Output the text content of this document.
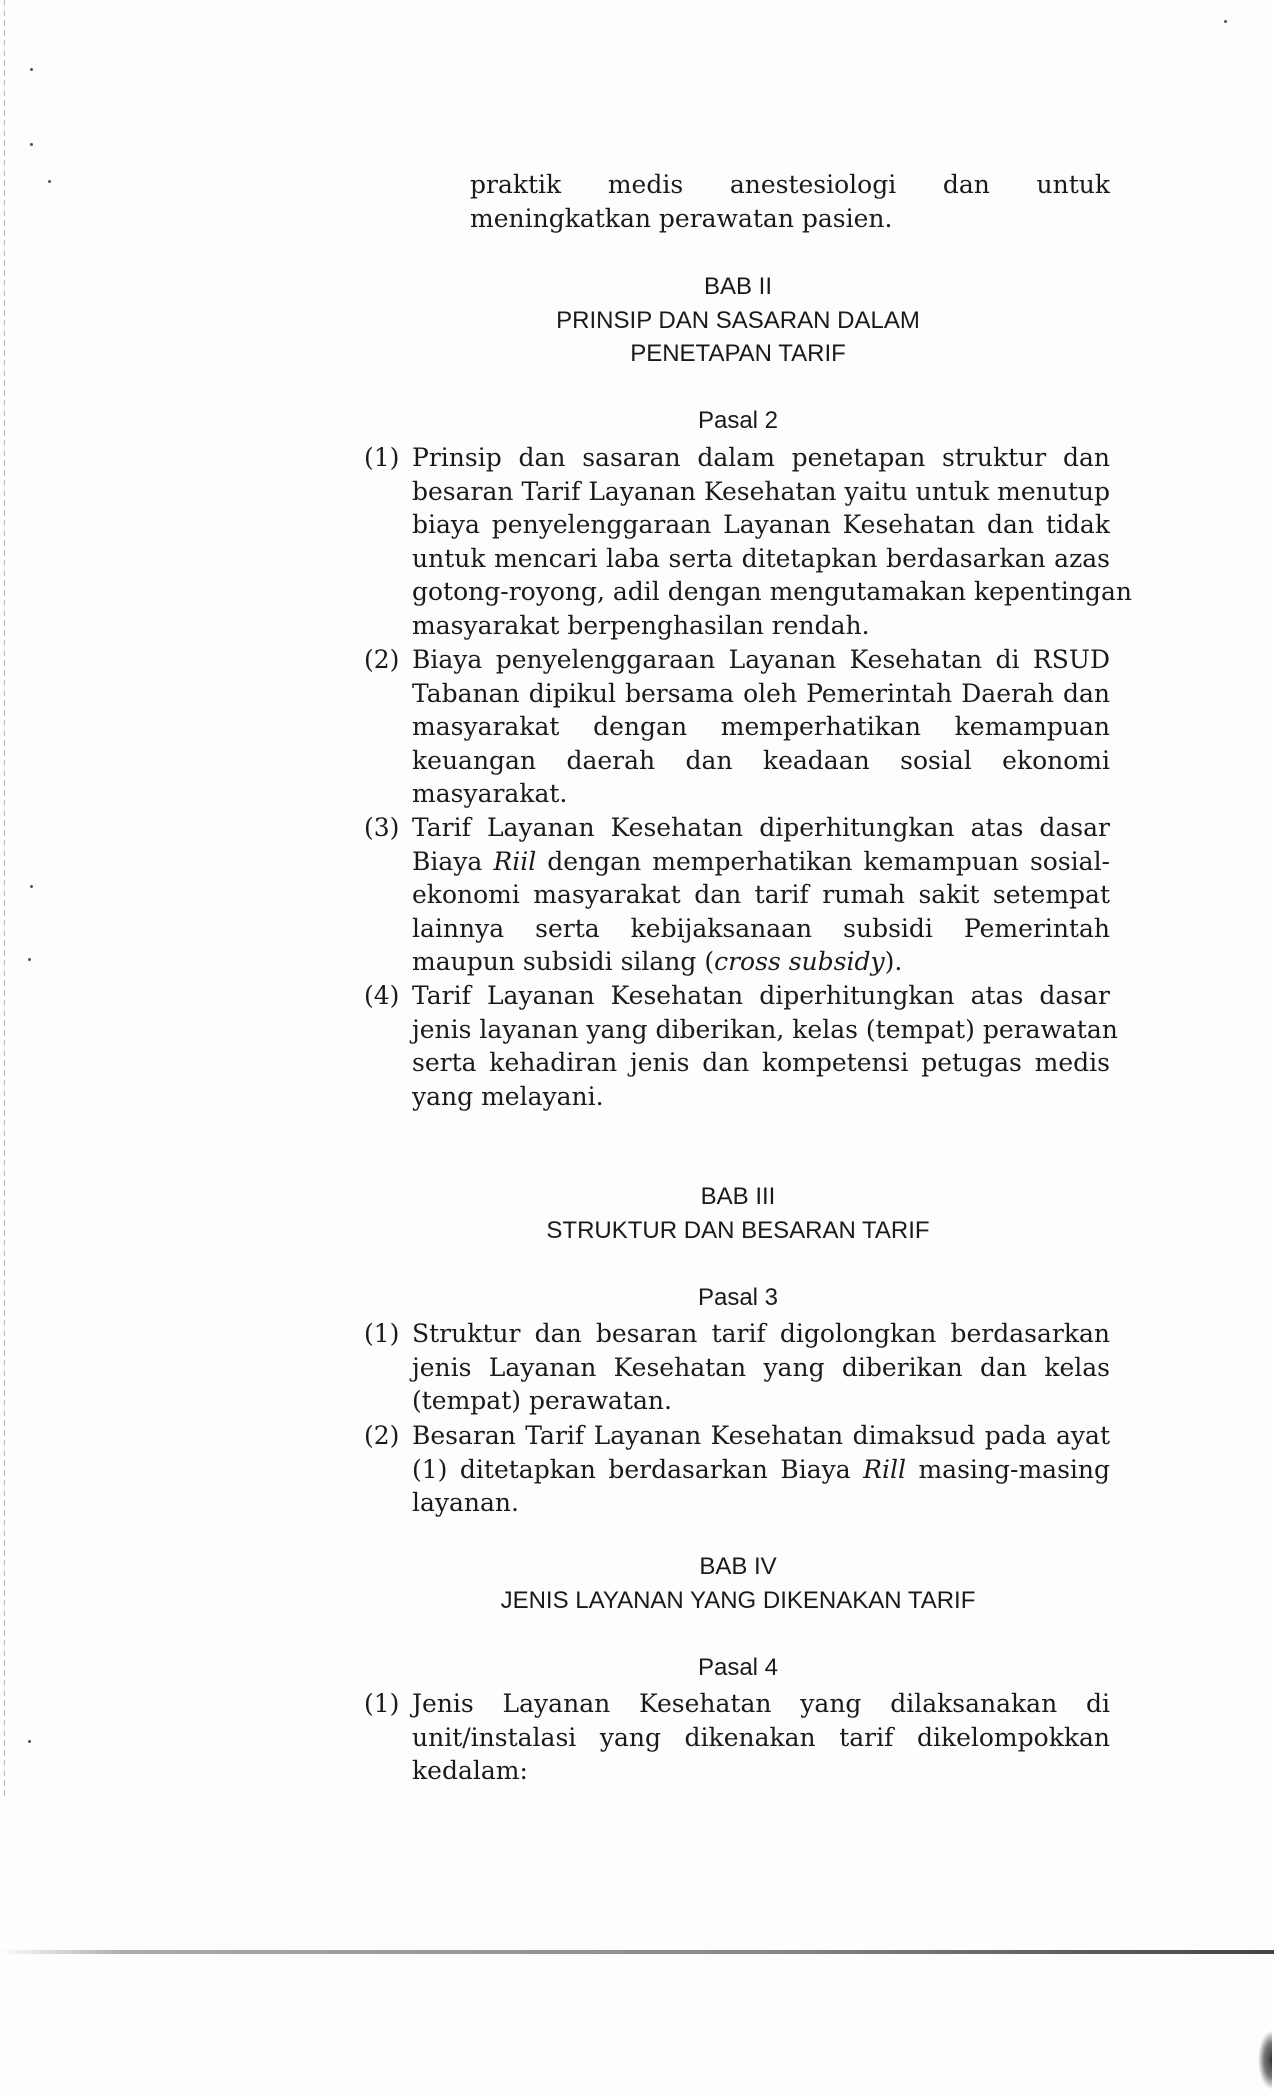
praktik medis anestesiologi dan untuk
meningkatkan perawatan pasien.
BAB II
PRINSIP DAN SASARAN DALAM
PENETAPAN TARIF
Pasal 2
(1) Prinsip dan sasaran dalam penetapan struktur dan
besaran Tarif Layanan Kesehatan yaitu untuk menutup
biaya penyelenggaraan Layanan Kesehatan dan tidak
untuk mencari laba serta ditetapkan berdasarkan azas
gotong-royong, adil dengan mengutamakan kepentingan
masyarakat berpenghasilan rendah.
(2) Biaya penyelenggaraan Layanan Kesehatan di RSUD
Tabanan dipikul bersama oleh Pemerintah Daerah dan
masyarakat dengan memperhatikan kemampuan
keuangan daerah dan keadaan sosial ekonomi
masyarakat.
(3) Tarif Layanan Kesehatan diperhitungkan atas dasar
Biaya Riil dengan memperhatikan kemampuan sosial-
ekonomi masyarakat dan tarif rumah sakit setempat
lainnya serta kebijaksanaan subsidi Pemerintah
maupun subsidi silang (cross subsidy).
(4) Tarif Layanan Kesehatan diperhitungkan atas dasar
jenis layanan yang diberikan, kelas (tempat) perawatan
serta kehadiran jenis dan kompetensi petugas medis
yang melayani.
BAB III
STRUKTUR DAN BESARAN TARIF
Pasal 3
(1) Struktur dan besaran tarif digolongkan berdasarkan
jenis Layanan Kesehatan yang diberikan dan kelas
(tempat) perawatan.
(2) Besaran Tarif Layanan Kesehatan dimaksud pada ayat
(1) ditetapkan berdasarkan Biaya Rill masing-masing
layanan.
BAB IV
JENIS LAYANAN YANG DIKENAKAN TARIF
Pasal 4
(1) Jenis Layanan Kesehatan yang dilaksanakan di
unit/instalasi yang dikenakan tarif dikelompokkan
kedalam:
